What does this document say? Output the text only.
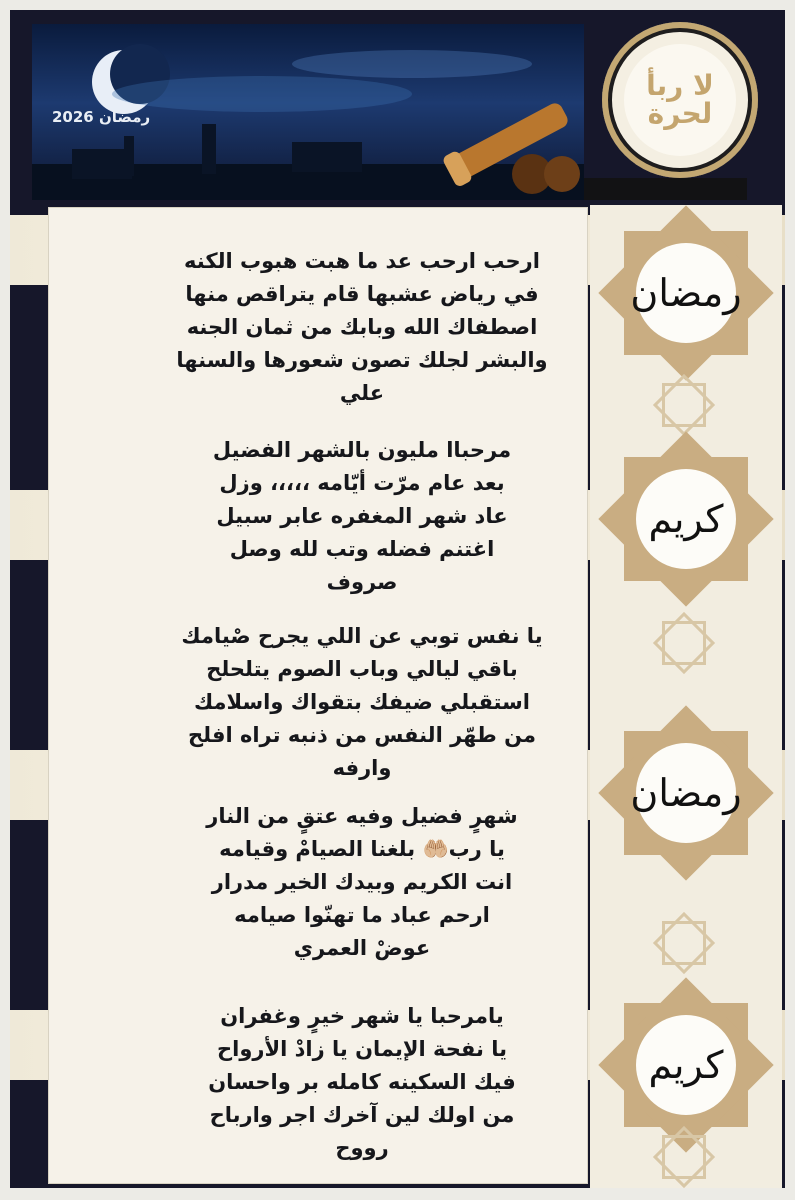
رمضان 2026
لا ربأ لحرة
رمضان
كريم
رمضان
كريم
ارحب ارحب عد ما هبت هبوب الكنه
في رياض عشبها قام يتراقص منها
اصطفاك الله وبابك من ثمان الجنه
والبشر لجلك تصون شعورها والسنها
علي
مرحباا مليون بالشهر الفضيل
بعد عام مرّت أيّامه ،،،،، وزل
عاد شهر المغفره عابر سبيل
اغتنم فضله وتب لله وصل
صروف
يا نفس توبي عن اللي يجرح صْيامك
باقي ليالي وباب الصوم يتلحلح
استقبلي ضيفك بتقواك واسلامك
من طهّر النفس من ذنبه تراه افلح
وارفه
شهرٍ فضيل وفيه عتقٍ من النار
يا رب🤲🏼 بلغنا الصيامْ وقيامه
انت الكريم وبيدك الخير مدرار
ارحم عباد ما تهنّوا صيامه
عوضْ العمري
يامرحبا يا شهر خيرٍ وغفران
يا نفحة الإيمان يا زادْ الأرواح
فيك السكينه كامله بر واحسان
من اولك لين آخرك اجر وارباح
رووح
